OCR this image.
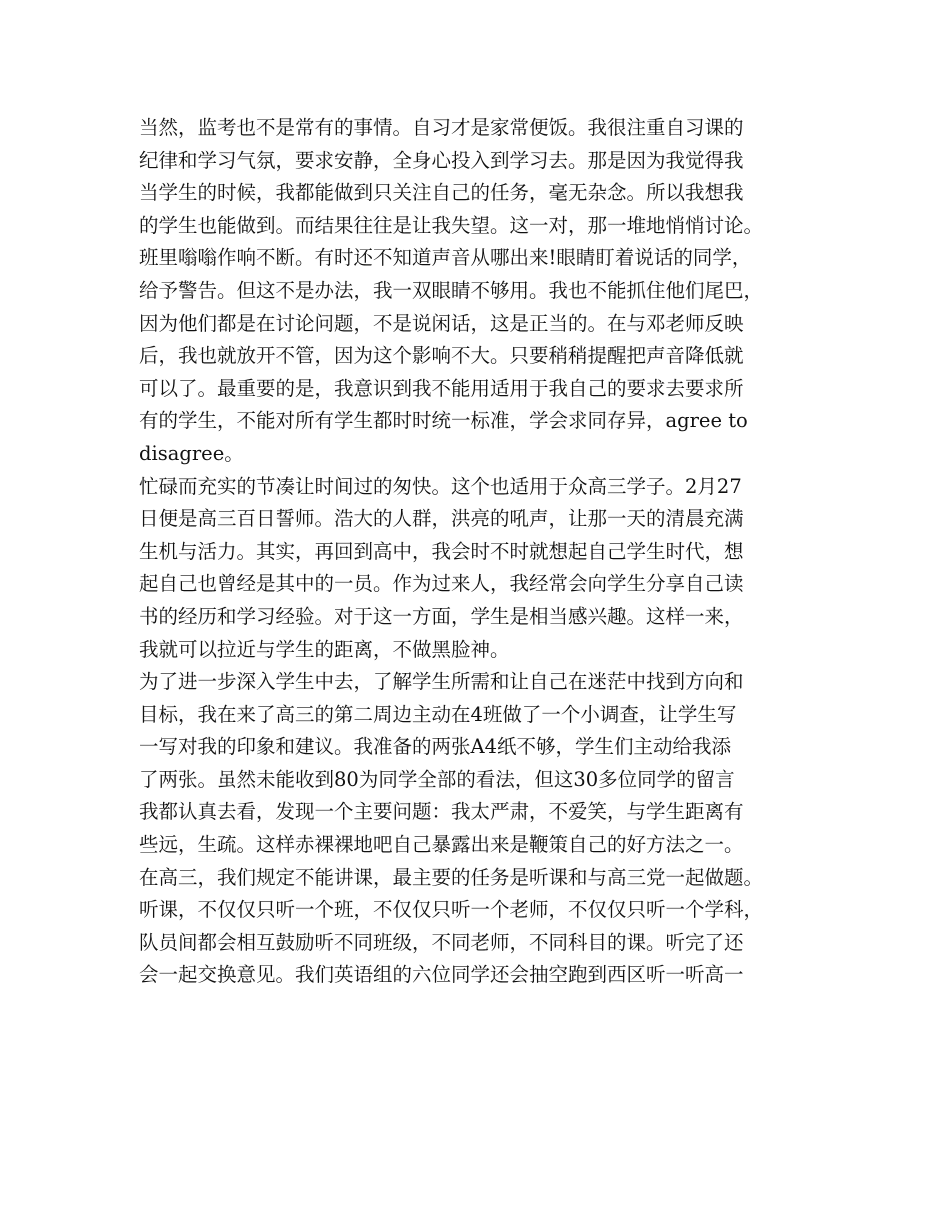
当然，监考也不是常有的事情。自习才是家常便饭。我很注重自习课的
纪律和学习气氛，要求安静，全身心投入到学习去。那是因为我觉得我
当学生的时候，我都能做到只关注自己的任务，毫无杂念。所以我想我
的学生也能做到。而结果往往是让我失望。这一对，那一堆地悄悄讨论。
班里嗡嗡作响不断。有时还不知道声音从哪出来!眼睛盯着说话的同学，
给予警告。但这不是办法，我一双眼睛不够用。我也不能抓住他们尾巴，
因为他们都是在讨论问题，不是说闲话，这是正当的。在与邓老师反映
后，我也就放开不管，因为这个影响不大。只要稍稍提醒把声音降低就
可以了。最重要的是，我意识到我不能用适用于我自己的要求去要求所
有的学生，不能对所有学生都时时统一标准，学会求同存异，agree to
disagree。
忙碌而充实的节凑让时间过的匆快。这个也适用于众高三学子。2月27
日便是高三百日誓师。浩大的人群，洪亮的吼声，让那一天的清晨充满
生机与活力。其实，再回到高中，我会时不时就想起自己学生时代，想
起自己也曾经是其中的一员。作为过来人，我经常会向学生分享自己读
书的经历和学习经验。对于这一方面，学生是相当感兴趣。这样一来，
我就可以拉近与学生的距离，不做黑脸神。
为了进一步深入学生中去，了解学生所需和让自己在迷茫中找到方向和
目标，我在来了高三的第二周边主动在4班做了一个小调查，让学生写
一写对我的印象和建议。我准备的两张A4纸不够，学生们主动给我添
了两张。虽然未能收到80为同学全部的看法，但这30多位同学的留言
我都认真去看，发现一个主要问题：我太严肃，不爱笑，与学生距离有
些远，生疏。这样赤裸裸地吧自己暴露出来是鞭策自己的好方法之一。
在高三，我们规定不能讲课，最主要的任务是听课和与高三党一起做题。
听课，不仅仅只听一个班，不仅仅只听一个老师，不仅仅只听一个学科，
队员间都会相互鼓励听不同班级，不同老师，不同科目的课。听完了还
会一起交换意见。我们英语组的六位同学还会抽空跑到西区听一听高一
